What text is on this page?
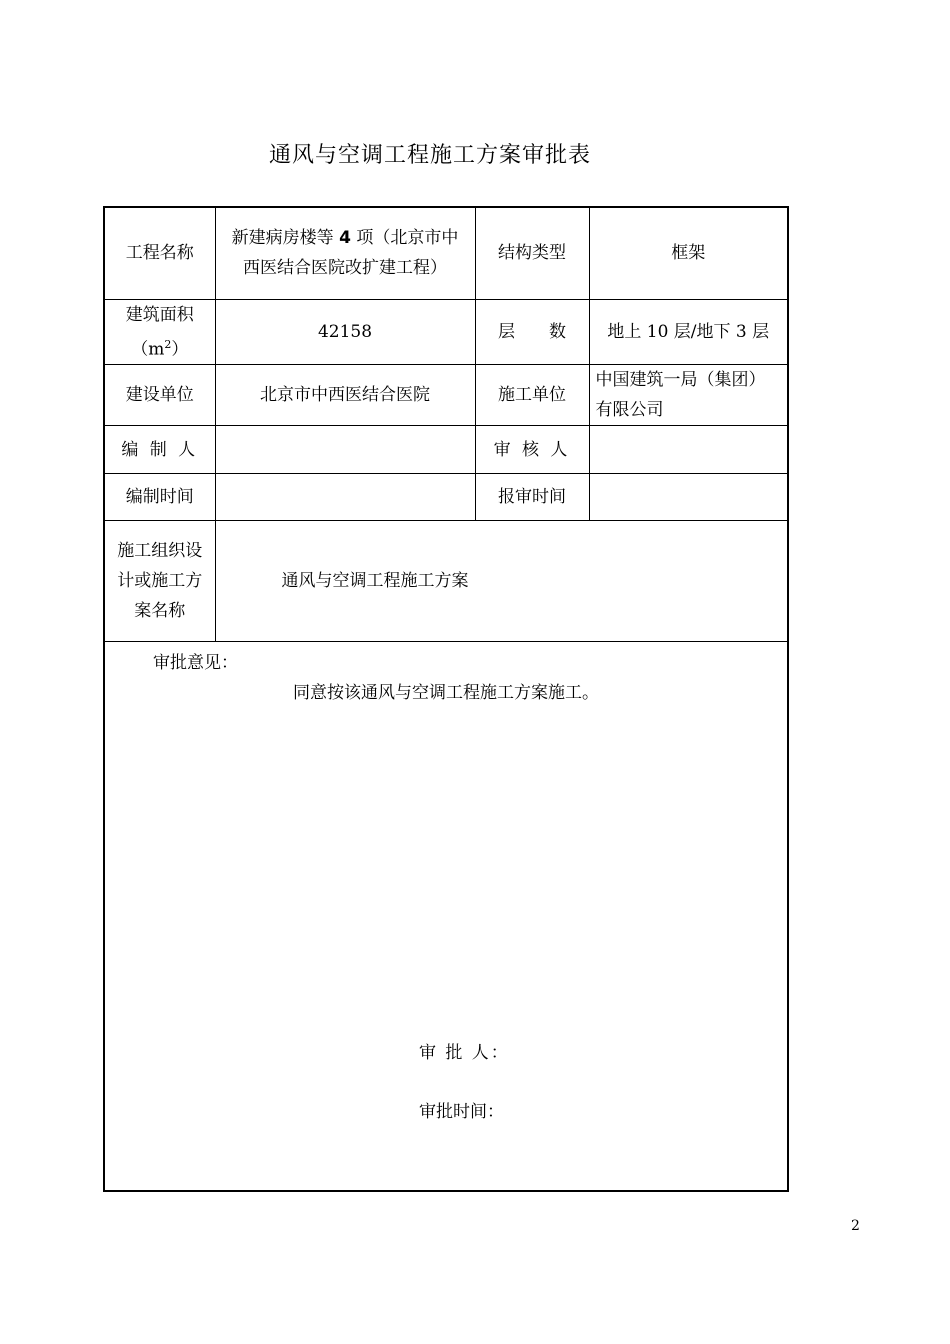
通风与空调工程施工方案审批表
工程名称	新建病房楼等 4 项（北京市中西医结合医院改扩建工程）	结构类型	框架

建筑面积
$(m^2)$	42158	层　　数	地上 10 层/地下 3 层
建设单位	北京市中西医结合医院	施工单位	中国建筑一局（集团）有限公司
编 制 人		审 核 人	
编制时间		报审时间	
施工组织设计或施工方案名称	通风与空调工程施工方案		

审批意见：
同意按该通风与空调工程施工方案施工。
审 批 人：
审批时间：			
2
